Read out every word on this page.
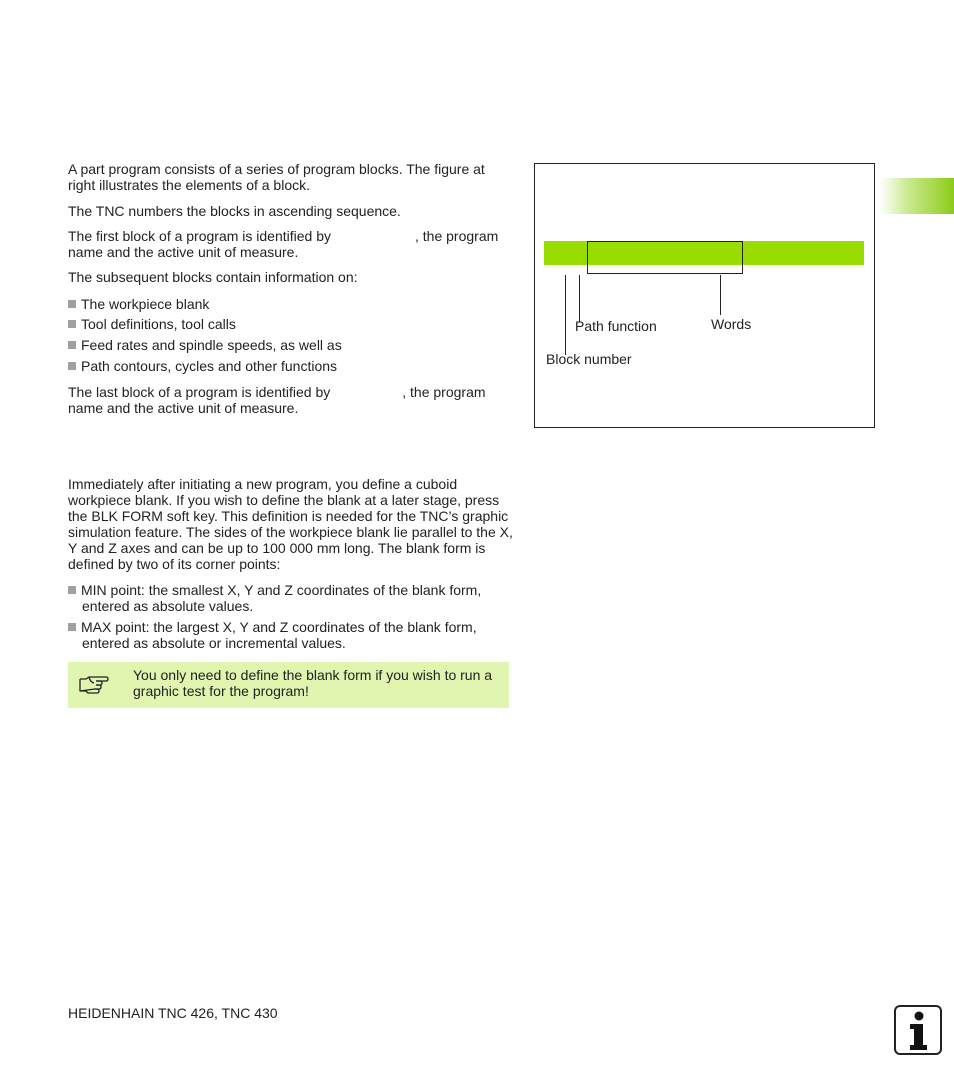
A part program consists of a series of program blocks. The figure at right illustrates the elements of a block.

The TNC numbers the blocks in ascending sequence.

The first block of a program is identified by	, the program name and the active unit of measure.

The subsequent blocks contain information on:

The workpiece blank
Tool definitions, tool calls
Feed rates and spindle speeds, as well as
Path contours, cycles and other functions

The last block of a program is identified by	, the program name and the active unit of measure.

Path function	Words
Block number

Immediately after initiating a new program, you define a cuboid workpiece blank. If you wish to define the blank at a later stage, press the BLK FORM soft key. This definition is needed for the TNC’s graphic simulation feature. The sides of the workpiece blank lie parallel to the X, Y and Z axes and can be up to 100 000 mm long. The blank form is defined by two of its corner points:

MIN point: the smallest X, Y and Z coordinates of the blank form, entered as absolute values.
MAX point: the largest X, Y and Z coordinates of the blank form, entered as absolute or incremental values.
You only need to define the blank form if you wish to run a graphic test for the program!
HEIDENHAIN TNC 426, TNC 430
